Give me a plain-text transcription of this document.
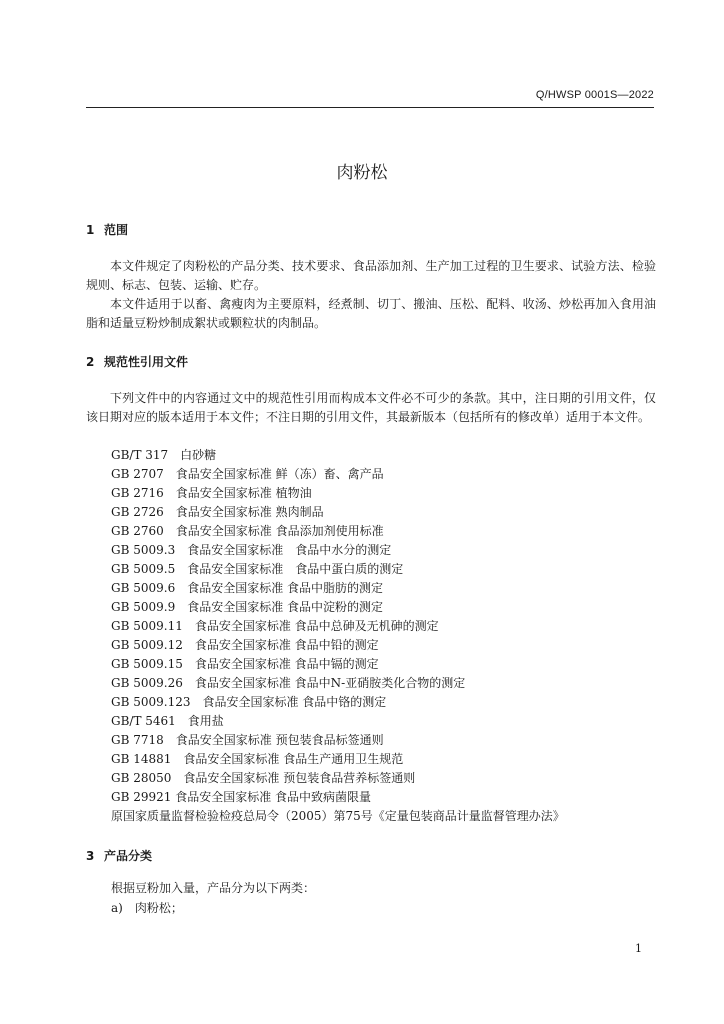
Q/HWSP 0001S—2022
肉粉松
1 范围
本文件规定了肉粉松的产品分类、技术要求、食品添加剂、生产加工过程的卫生要求、试验方法、检验规则、标志、包装、运输、贮存。
本文件适用于以畜、禽瘦肉为主要原料，经煮制、切丁、搬油、压松、配料、收汤、炒松再加入食用油脂和适量豆粉炒制成絮状或颗粒状的肉制品。
2 规范性引用文件
下列文件中的内容通过文中的规范性引用而构成本文件必不可少的条款。其中，注日期的引用文件，仅该日期对应的版本适用于本文件；不注日期的引用文件，其最新版本（包括所有的修改单）适用于本文件。
GB/T 317　白砂糖
GB 2707　食品安全国家标准 鲜（冻）畜、禽产品
GB 2716　食品安全国家标准 植物油
GB 2726　食品安全国家标准 熟肉制品
GB 2760　食品安全国家标准 食品添加剂使用标准
GB 5009.3　食品安全国家标准　食品中水分的测定
GB 5009.5　食品安全国家标准　食品中蛋白质的测定
GB 5009.6　食品安全国家标准 食品中脂肪的测定
GB 5009.9　食品安全国家标准 食品中淀粉的测定
GB 5009.11　食品安全国家标准 食品中总砷及无机砷的测定
GB 5009.12　食品安全国家标准 食品中铅的测定
GB 5009.15　食品安全国家标准 食品中镉的测定
GB 5009.26　食品安全国家标准 食品中N-亚硝胺类化合物的测定
GB 5009.123　食品安全国家标准 食品中铬的测定
GB/T 5461　食用盐
GB 7718　食品安全国家标准 预包装食品标签通则
GB 14881　食品安全国家标准 食品生产通用卫生规范
GB 28050　食品安全国家标准 预包装食品营养标签通则
GB 29921 食品安全国家标准 食品中致病菌限量
原国家质量监督检验检疫总局令（2005）第75号《定量包装商品计量监督管理办法》
3 产品分类
根据豆粉加入量，产品分为以下两类：
a)　肉粉松；
1
